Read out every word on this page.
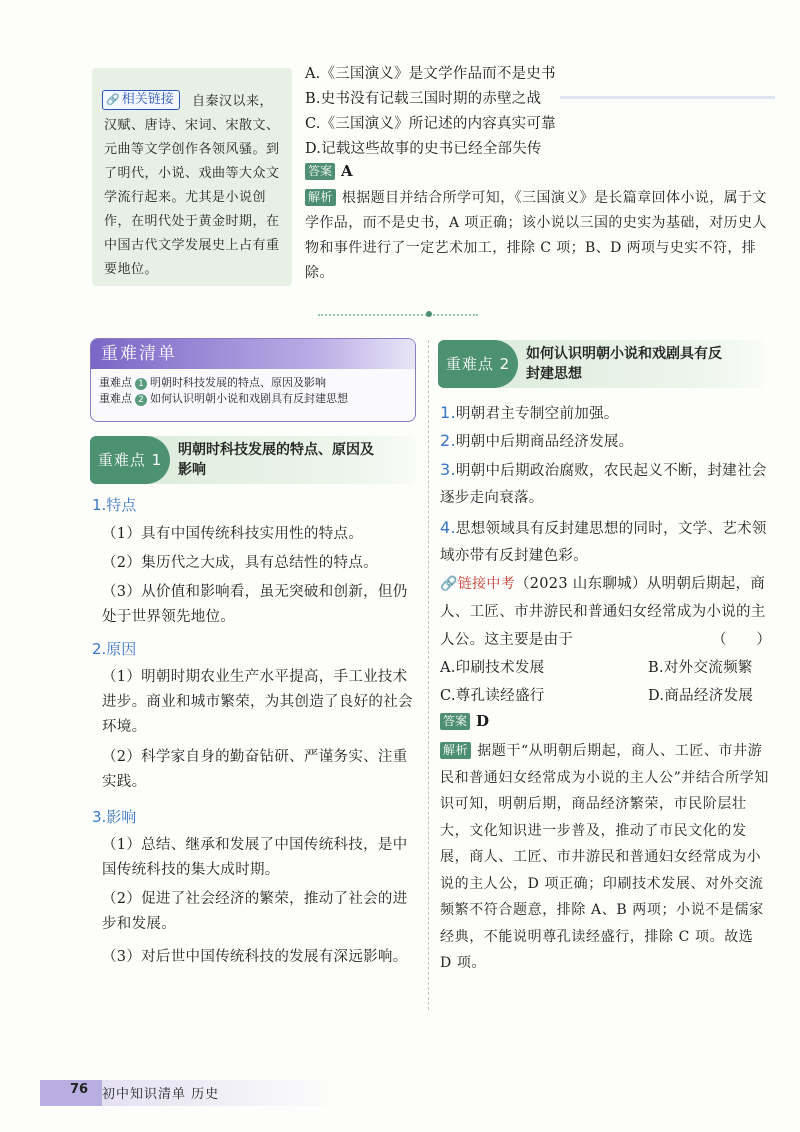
🔗 相关链接	自秦汉以来，汉赋、唐诗、宋词、宋散文、元曲等文学创作各领风骚。到了明代，小说、戏曲等大众文学流行起来。尤其是小说创作，在明代处于黄金时期，在中国古代文学发展史上占有重要地位。
A.《三国演义》是文学作品而不是史书
B.史书没有记载三国时期的赤壁之战
C.《三国演义》所记述的内容真实可靠
D.记载这些故事的史书已经全部失传
答案 A
解析 根据题目并结合所学可知，《三国演义》是长篇章回体小说，属于文学作品，而不是史书，A 项正确；该小说以三国的史实为基础，对历史人物和事件进行了一定艺术加工，排除 C 项；B、D 两项与史实不符，排除。
重难清单
重难点 1 明朝时科技发展的特点、原因及影响
重难点 2 如何认识明朝小说和戏剧具有反封建思想
重难点 1
明朝时科技发展的特点、原因及
影响
1.特点
（1）具有中国传统科技实用性的特点。
（2）集历代之大成，具有总结性的特点。
（3）从价值和影响看，虽无突破和创新，但仍处于世界领先地位。
2.原因
（1）明朝时期农业生产水平提高，手工业技术进步。商业和城市繁荣，为其创造了良好的社会环境。
（2）科学家自身的勤奋钻研、严谨务实、注重实践。
3.影响
（1）总结、继承和发展了中国传统科技，是中国传统科技的集大成时期。
（2）促进了社会经济的繁荣，推动了社会的进步和发展。
（3）对后世中国传统科技的发展有深远影响。
重难点 2
如何认识明朝小说和戏剧具有反
封建思想
1.明朝君主专制空前加强。
2.明朝中后期商品经济发展。
3.明朝中后期政治腐败，农民起义不断，封建社会逐步走向衰落。
4.思想领域具有反封建思想的同时，文学、艺术领域亦带有反封建色彩。
🔗链接中考（2023 山东聊城）从明朝后期起，商人、工匠、市井游民和普通妇女经常成为小说的主人公。这主要是由于	（　　）
A.印刷技术发展	B.对外交流频繁
C.尊孔读经盛行	D.商品经济发展
答案 D
解析 据题干“从明朝后期起，商人、工匠、市井游民和普通妇女经常成为小说的主人公”并结合所学知识可知，明朝后期，商品经济繁荣，市民阶层壮大，文化知识进一步普及，推动了市民文化的发展，商人、工匠、市井游民和普通妇女经常成为小说的主人公，D 项正确；印刷技术发展、对外交流频繁不符合题意，排除 A、B 两项；小说不是儒家经典，不能说明尊孔读经盛行，排除 C 项。故选 D 项。
76 初中知识清单 历史
